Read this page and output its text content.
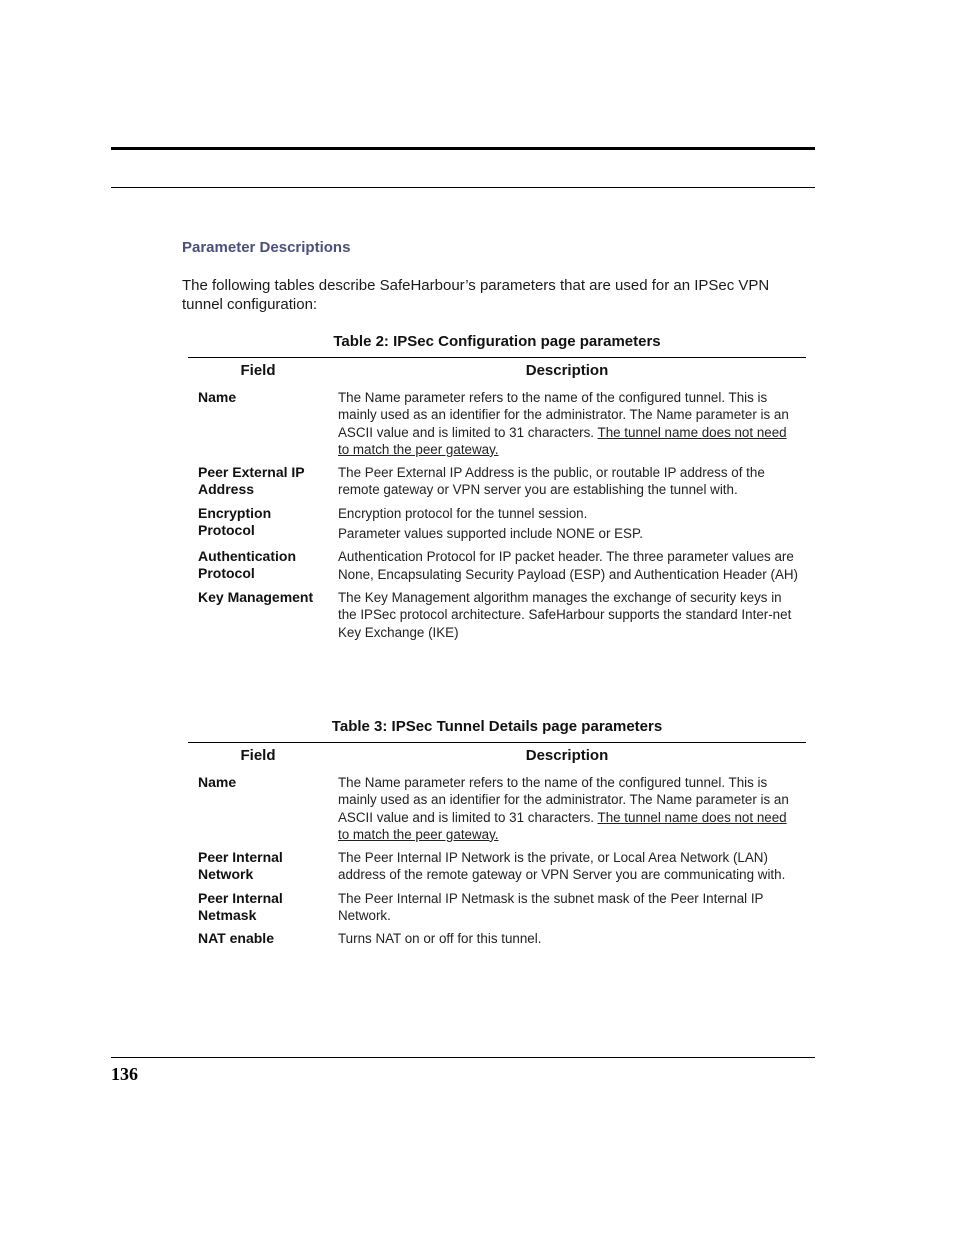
Parameter Descriptions

The following tables describe SafeHarbour’s parameters that are used for an IPSec VPN tunnel configuration:

Table 2: IPSec Configuration page parameters

Field	Description
Name	The Name parameter refers to the name of the configured tunnel. This is mainly used as an identifier for the administrator. The Name parameter is an ASCII value and is limited to 31 characters. The tunnel name does not need to match the peer gateway.
Peer External IP Address	The Peer External IP Address is the public, or routable IP address of the remote gateway or VPN server you are establishing the tunnel with.
Encryption Protocol	Encryption protocol for the tunnel session.
Parameter values supported include NONE or ESP.

Authentication Protocol	Authentication Protocol for IP packet header. The three parameter values are None, Encapsulating Security Payload (ESP) and Authentication Header (AH)
Key Management	The Key Management algorithm manages the exchange of security keys in the IPSec protocol architecture. SafeHarbour supports the standard Inter-net Key Exchange (IKE)

Table 3: IPSec Tunnel Details page parameters

Field	Description
Name	The Name parameter refers to the name of the configured tunnel. This is mainly used as an identifier for the administrator. The Name parameter is an ASCII value and is limited to 31 characters. The tunnel name does not need to match the peer gateway.
Peer Internal Network	The Peer Internal IP Network is the private, or Local Area Network (LAN) address of the remote gateway or VPN Server you are communicating with.
Peer Internal Netmask	The Peer Internal IP Netmask is the subnet mask of the Peer Internal IP Network.
NAT enable	Turns NAT on or off for this tunnel.

136
